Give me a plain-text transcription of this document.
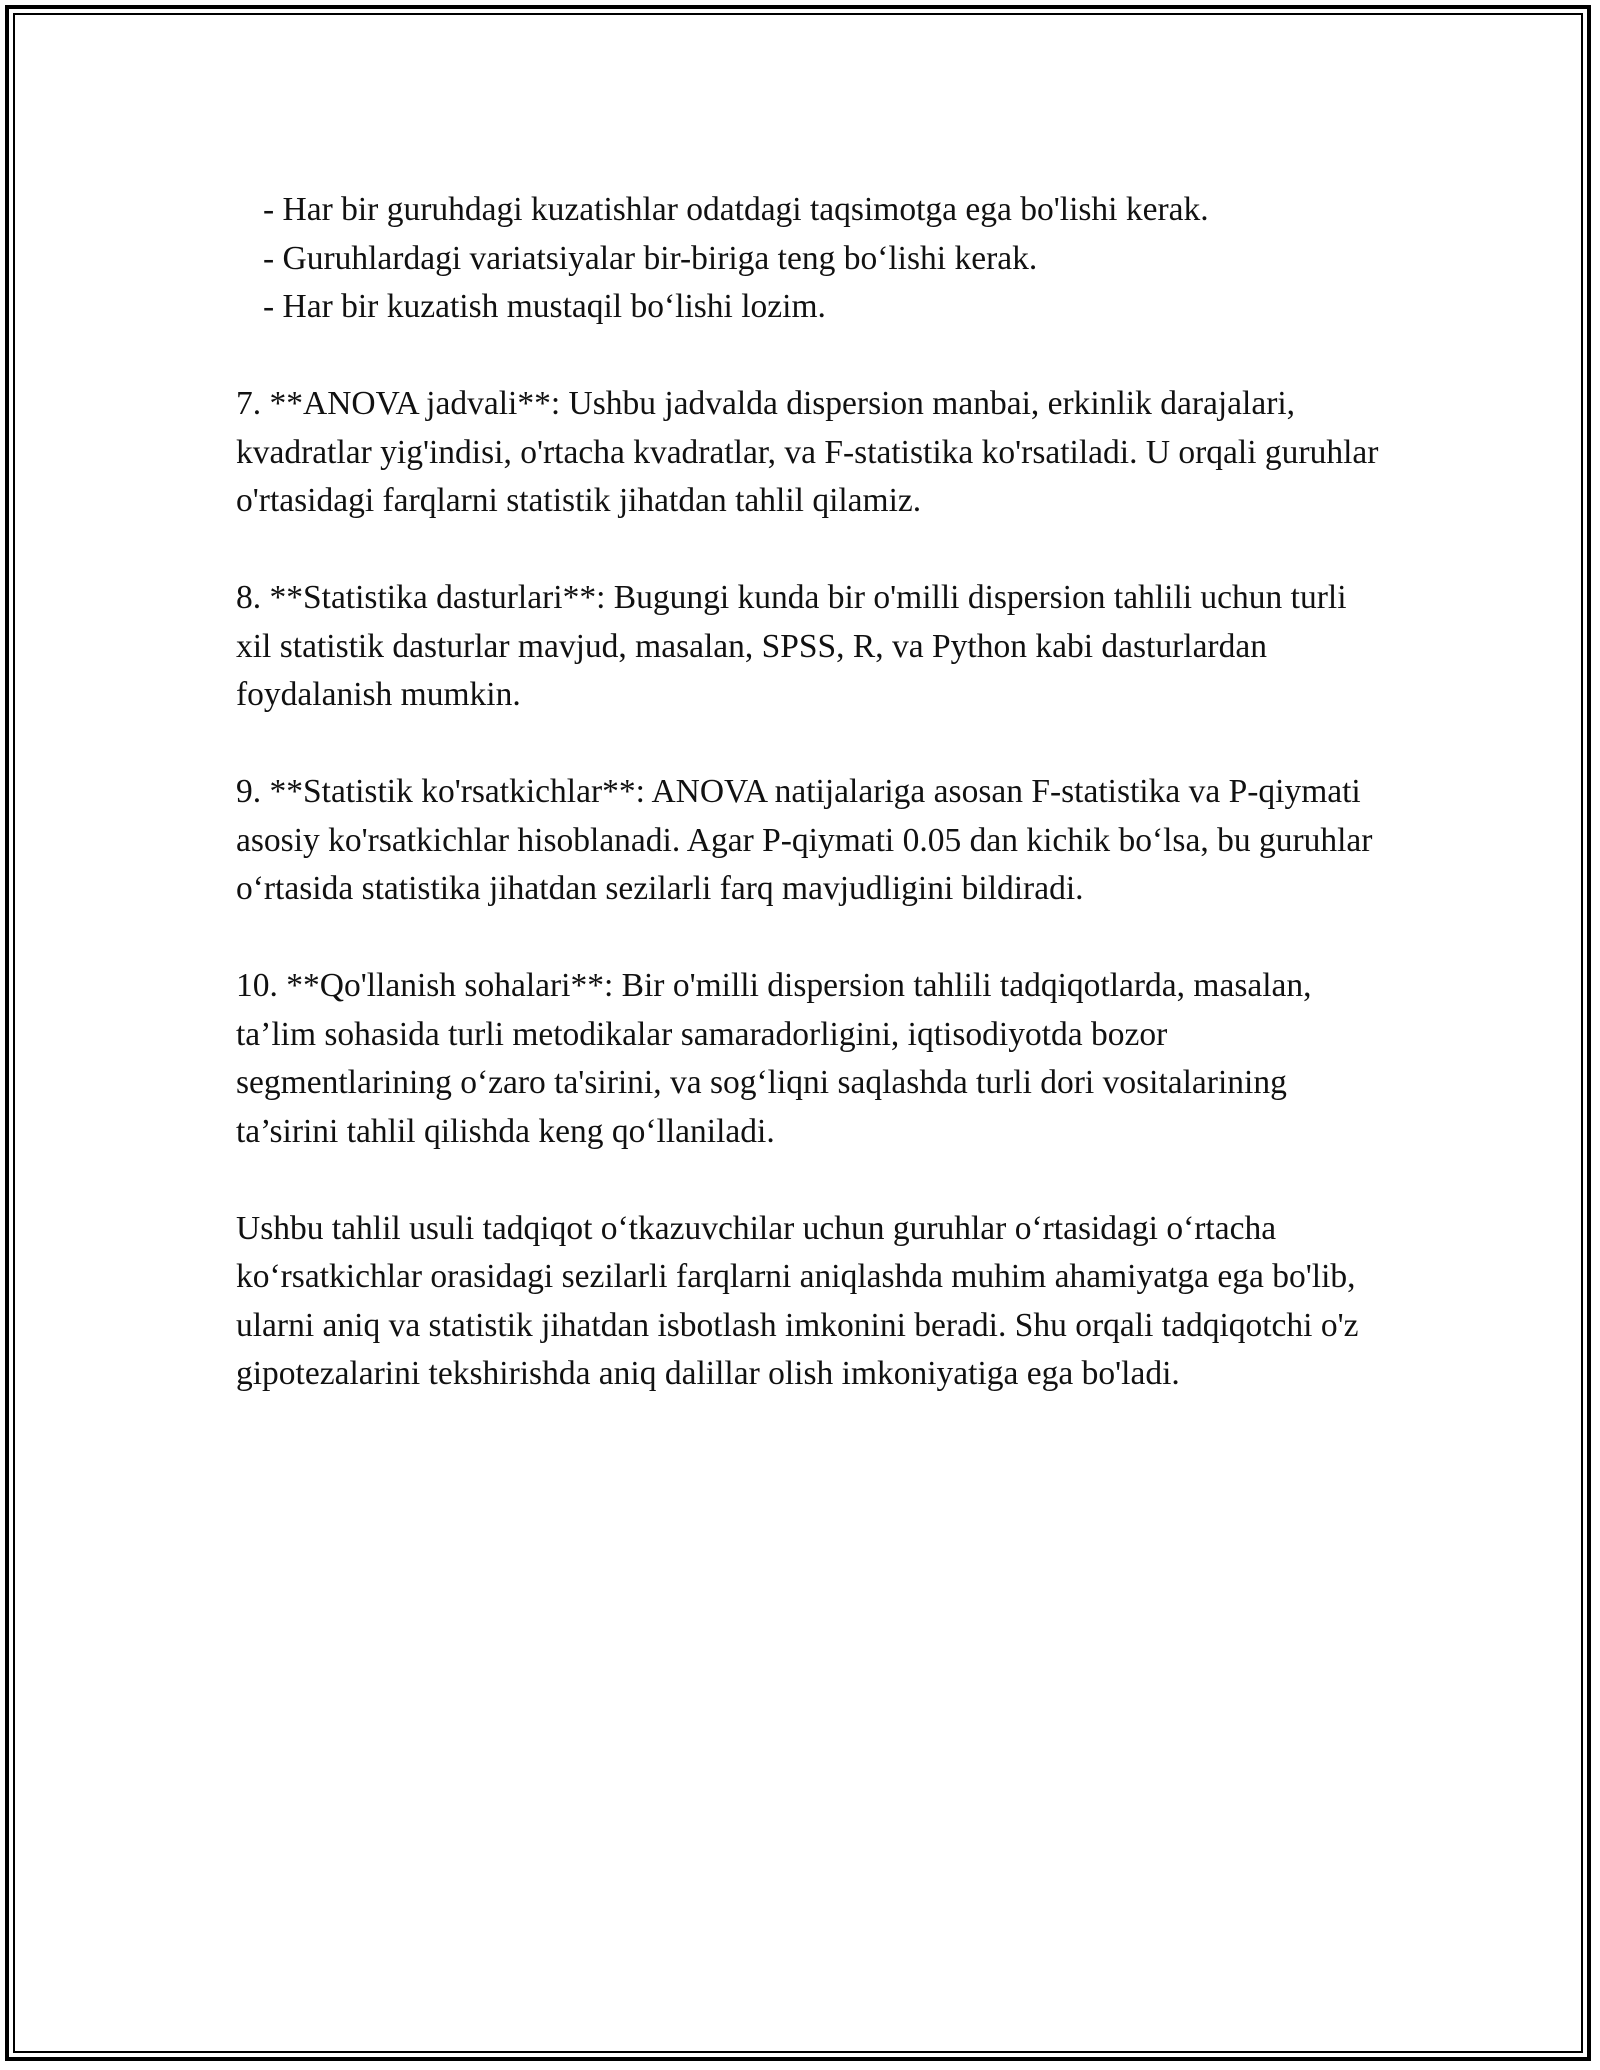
- Har bir guruhdagi kuzatishlar odatdagi taqsimotga ega bo'lishi kerak.
- Guruhlardagi variatsiyalar bir-biriga teng bo‘lishi kerak.
- Har bir kuzatish mustaqil bo‘lishi lozim.

7. **ANOVA jadvali**: Ushbu jadvalda dispersion manbai, erkinlik darajalari, kvadratlar yig'indisi, o'rtacha kvadratlar, va F-statistika ko'rsatiladi. U orqali guruhlar o'rtasidagi farqlarni statistik jihatdan tahlil qilamiz.

8. **Statistika dasturlari**: Bugungi kunda bir o'milli dispersion tahlili uchun turli xil statistik dasturlar mavjud, masalan, SPSS, R, va Python kabi dasturlardan foydalanish mumkin.

9. **Statistik ko'rsatkichlar**: ANOVA natijalariga asosan F-statistika va P-qiymati asosiy ko'rsatkichlar hisoblanadi. Agar P-qiymati 0.05 dan kichik bo‘lsa, bu guruhlar o‘rtasida statistika jihatdan sezilarli farq mavjudligini bildiradi.

10. **Qo'llanish sohalari**: Bir o'milli dispersion tahlili tadqiqotlarda, masalan, ta’lim sohasida turli metodikalar samaradorligini, iqtisodiyotda bozor segmentlarining o‘zaro ta'sirini, va sog‘liqni saqlashda turli dori vositalarining ta’sirini tahlil qilishda keng qo‘llaniladi.

Ushbu tahlil usuli tadqiqot o‘tkazuvchilar uchun guruhlar o‘rtasidagi o‘rtacha ko‘rsatkichlar orasidagi sezilarli farqlarni aniqlashda muhim ahamiyatga ega bo'lib, ularni aniq va statistik jihatdan isbotlash imkonini beradi. Shu orqali tadqiqotchi o'z gipotezalarini tekshirishda aniq dalillar olish imkoniyatiga ega bo'ladi.
